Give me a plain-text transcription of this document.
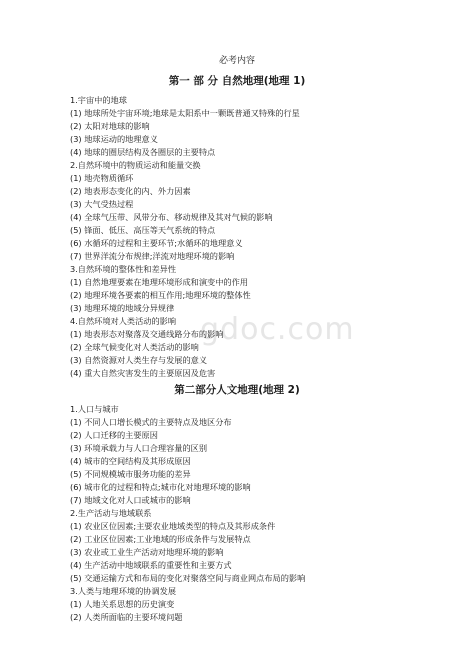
gdoc.com
必考内容
第一 部 分 自然地理(地理 1)
1.宇宙中的地球
(1) 地球所处宇宙环境;地球是太阳系中一颗既普通又特殊的行星
(2) 太阳对地球的影响
(3) 地球运动的地理意义
(4) 地球的圈层结构及各圈层的主要特点
2.自然环境中的物质运动和能量交换
(1) 地壳物质循环
(2) 地表形态变化的内、外力因素
(3) 大气受热过程
(4) 全球气压带、风带分布、移动规律及其对气候的影响
(5) 锋面、低压、高压等天气系统的特点
(6) 水循环的过程和主要环节;水循环的地理意义
(7) 世界洋流分布规律;洋流对地理环境的影响
3.自然环境的整体性和差异性
(1) 自然地理要素在地理环境形成和演变中的作用
(2) 地理环境各要素的相互作用;地理环境的整体性
(3) 地理环境的地域分异规律
4.自然环境对人类活动的影响
(1) 地表形态对聚落及交通线路分布的影响
(2) 全球气候变化对人类活动的影响
(3) 自然资源对人类生存与发展的意义
(4) 重大自然灾害发生的主要原因及危害
第二部分人文地理(地理 2)
1.人口与城市
(1) 不同人口增长模式的主要特点及地区分布
(2) 人口迁移的主要原因
(3) 环境承载力与人口合理容量的区别
(4) 城市的空间结构及其形成原因
(5) 不同规模城市服务功能的差异
(6) 城市化的过程和特点;城市化对地理环境的影响
(7) 地域文化对人口或城市的影响
2.生产活动与地域联系
(1) 农业区位因素;主要农业地域类型的特点及其形成条件
(2) 工业区位因素;工业地域的形成条件与发展特点
(3) 农业或工业生产活动对地理环境的影响
(4) 生产活动中地域联系的重要性和主要方式
(5) 交通运输方式和布局的变化对聚落空间与商业网点布局的影响
3.人类与地理环境的协调发展
(1) 人地关系思想的历史演变
(2) 人类所面临的主要环境问题
